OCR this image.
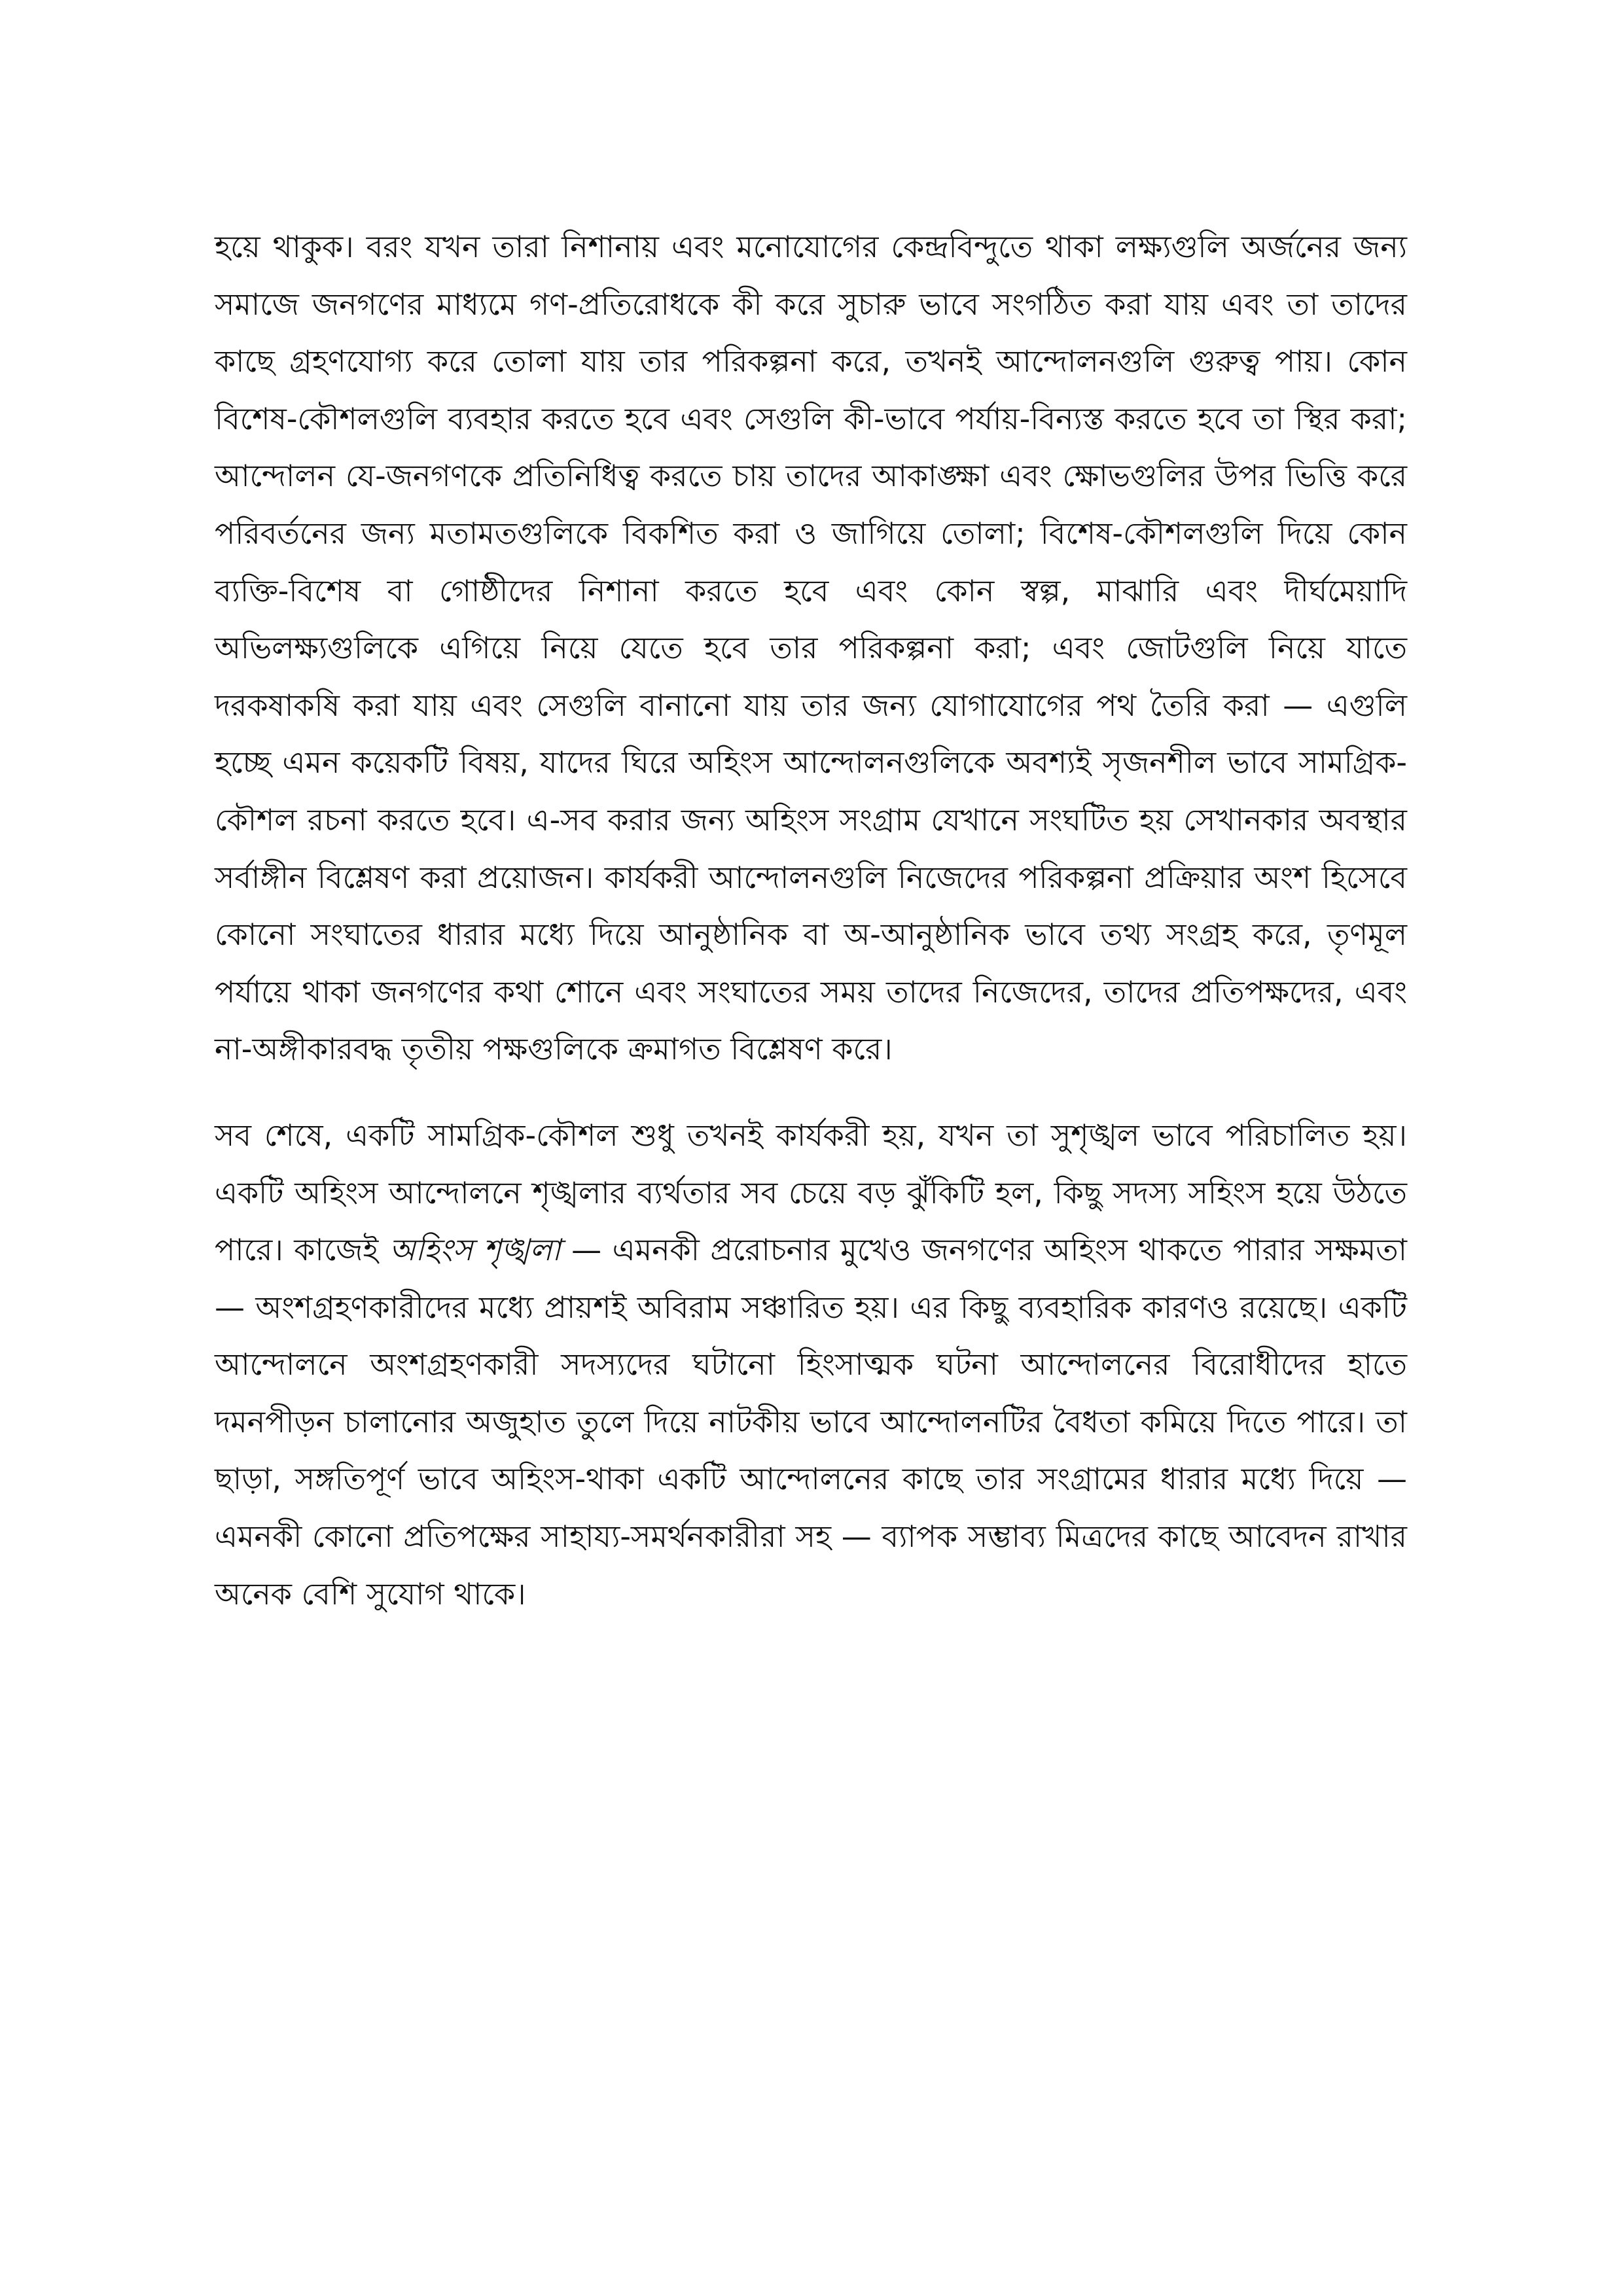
হয়ে থাকুক। বরং যখন তারা নিশানায় এবং মনোযোগের কেন্দ্রবিন্দুতে থাকা লক্ষ্যগুলি অর্জনের জন্য সমাজে জনগণের মাধ্যমে গণ-প্রতিরোধকে কী করে সুচারু ভাবে সংগঠিত করা যায় এবং তা তাদের কাছে গ্রহণযোগ্য করে তোলা যায় তার পরিকল্পনা করে, তখনই আন্দোলনগুলি গুরুত্ব পায়। কোন বিশেষ-কৌশলগুলি ব্যবহার করতে হবে এবং সেগুলি কী-ভাবে পর্যায়-বিন্যস্ত করতে হবে তা স্থির করা; আন্দোলন যে-জনগণকে প্রতিনিধিত্ব করতে চায় তাদের আকাঙ্ক্ষা এবং ক্ষোভগুলির উপর ভিত্তি করে পরিবর্তনের জন্য মতামতগুলিকে বিকশিত করা ও জাগিয়ে তোলা; বিশেষ-কৌশলগুলি দিয়ে কোন ব্যক্তি-বিশেষ বা গোষ্ঠীদের নিশানা করতে হবে এবং কোন স্বল্প, মাঝারি এবং দীর্ঘমেয়াদি অভিলক্ষ্যগুলিকে এগিয়ে নিয়ে যেতে হবে তার পরিকল্পনা করা; এবং জোটগুলি নিয়ে যাতে দরকষাকষি করা যায় এবং সেগুলি বানানো যায় তার জন্য যোগাযোগের পথ তৈরি করা — এগুলি হচ্ছে এমন কয়েকটি বিষয়, যাদের ঘিরে অহিংস আন্দোলনগুলিকে অবশ্যই সৃজনশীল ভাবে সামগ্রিক-কৌশল রচনা করতে হবে। এ-সব করার জন্য অহিংস সংগ্রাম যেখানে সংঘটিত হয় সেখানকার অবস্থার সর্বাঙ্গীন বিশ্লেষণ করা প্রয়োজন। কার্যকরী আন্দোলনগুলি নিজেদের পরিকল্পনা প্রক্রিয়ার অংশ হিসেবে কোনো সংঘাতের ধারার মধ্যে দিয়ে আনুষ্ঠানিক বা অ-আনুষ্ঠানিক ভাবে তথ্য সংগ্রহ করে, তৃণমূল পর্যায়ে থাকা জনগণের কথা শোনে এবং সংঘাতের সময় তাদের নিজেদের, তাদের প্রতিপক্ষদের, এবং না-অঙ্গীকারবদ্ধ তৃতীয় পক্ষগুলিকে ক্রমাগত বিশ্লেষণ করে।

সব শেষে, একটি সামগ্রিক-কৌশল শুধু তখনই কার্যকরী হয়, যখন তা সুশৃঙ্খল ভাবে পরিচালিত হয়। একটি অহিংস আন্দোলনে শৃঙ্খলার ব্যর্থতার সব চেয়ে বড় ঝুঁকিটি হল, কিছু সদস্য সহিংস হয়ে উঠতে পারে। কাজেই অহিংস শৃঙ্খলা — এমনকী প্ররোচনার মুখেও জনগণের অহিংস থাকতে পারার সক্ষমতা — অংশগ্রহণকারীদের মধ্যে প্রায়শই অবিরাম সঞ্চারিত হয়। এর কিছু ব্যবহারিক কারণও রয়েছে। একটি আন্দোলনে অংশগ্রহণকারী সদস্যদের ঘটানো হিংসাত্মক ঘটনা আন্দোলনের বিরোধীদের হাতে দমনপীড়ন চালানোর অজুহাত তুলে দিয়ে নাটকীয় ভাবে আন্দোলনটির বৈধতা কমিয়ে দিতে পারে। তা ছাড়া, সঙ্গতিপূর্ণ ভাবে অহিংস-থাকা একটি আন্দোলনের কাছে তার সংগ্রামের ধারার মধ্যে দিয়ে — এমনকী কোনো প্রতিপক্ষের সাহায্য-সমর্থনকারীরা সহ — ব্যাপক সম্ভাব্য মিত্রদের কাছে আবেদন রাখার অনেক বেশি সুযোগ থাকে।
